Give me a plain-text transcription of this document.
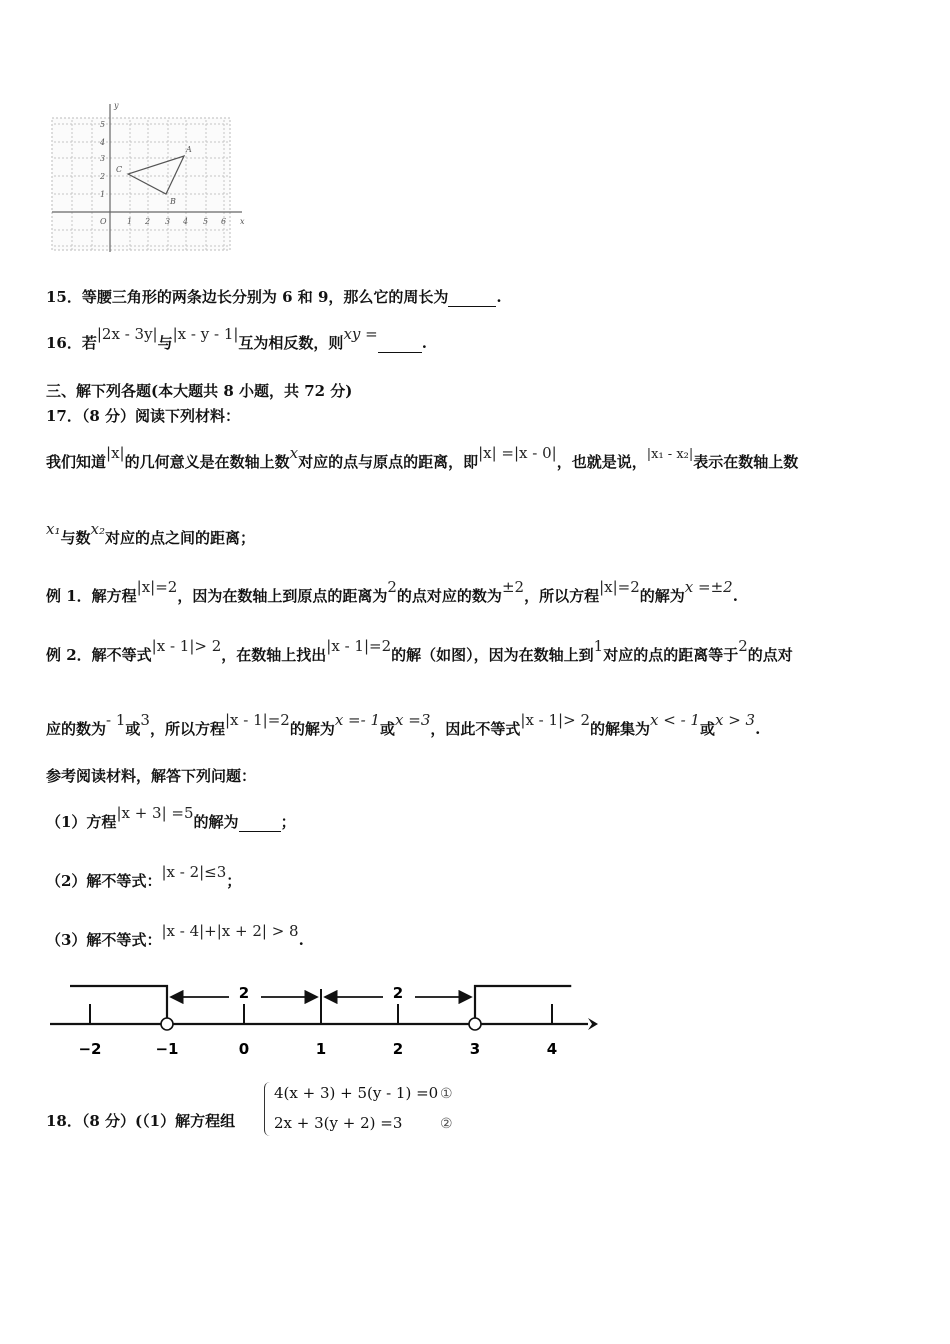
y
x
O
A
B
C
1 2 3 4 5 6
1
2
3
4
5
15．等腰三角形的两条边长分别为 6 和 9，那么它的周长为	.
16．若|2x - 3y|与|x - y - 1|互为相反数，则xy =	.
三、解下列各题(本大题共 8 小题，共 72 分)
17．（8 分）阅读下列材料：
我们知道|x|的几何意义是在数轴上数x对应的点与原点的距离，即|x| =|x - 0|，也就是说，|x₁ - x₂|表示在数轴上数
x₁与数x₂对应的点之间的距离；
例 1．解方程|x|=2，因为在数轴上到原点的距离为2的点对应的数为±2，所以方程|x|=2的解为x =±2.
例 2．解不等式|x - 1|> 2，在数轴上找出|x - 1|=2的解（如图），因为在数轴上到1对应的点的距离等于2的点对
应的数为- 1或3，所以方程|x - 1|=2的解为x =- 1或x =3，因此不等式|x - 1|> 2的解集为x < - 1或x > 3.
参考阅读材料，解答下列问题：
（1）方程|x + 3| =5的解为	；
（2）解不等式：|x - 2|≤3；
（3）解不等式：|x - 4|+|x + 2| > 8.
−2	−1	0	1	2	3	4
2	2
18．（8 分）(（1）解方程组
4(x + 3) + 5(y - 1) =0
2x + 3(y + 2) =3
①
②
